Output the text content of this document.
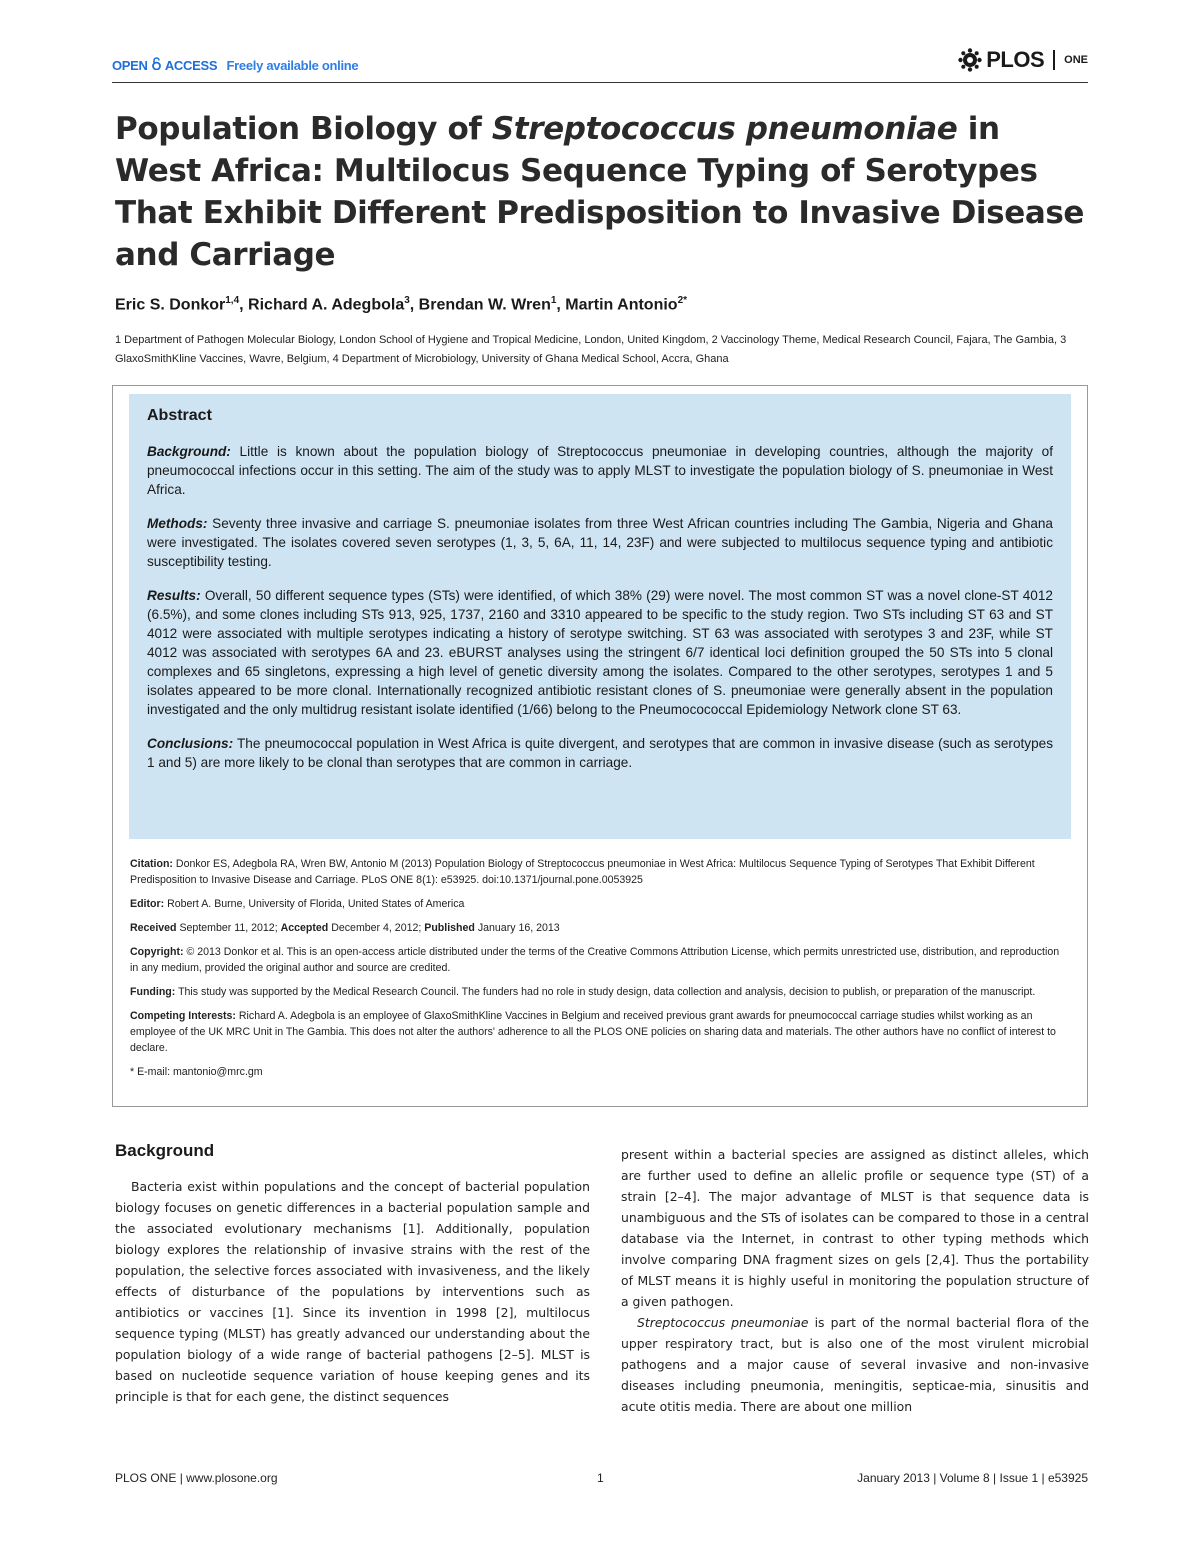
OPEN ACCESS Freely available online	PLOS ONE
Population Biology of Streptococcus pneumoniae in West Africa: Multilocus Sequence Typing of Serotypes That Exhibit Different Predisposition to Invasive Disease and Carriage
Eric S. Donkor$^{1,4}$, Richard A. Adegbola$^3$, Brendan W. Wren$^1$, Martin Antonio$^{2*}$
1 Department of Pathogen Molecular Biology, London School of Hygiene and Tropical Medicine, London, United Kingdom, 2 Vaccinology Theme, Medical Research Council, Fajara, The Gambia, 3 GlaxoSmithKline Vaccines, Wavre, Belgium, 4 Department of Microbiology, University of Ghana Medical School, Accra, Ghana
Abstract

Background: Little is known about the population biology of Streptococcus pneumoniae in developing countries, although the majority of pneumococcal infections occur in this setting. The aim of the study was to apply MLST to investigate the population biology of S. pneumoniae in West Africa.

Methods: Seventy three invasive and carriage S. pneumoniae isolates from three West African countries including The Gambia, Nigeria and Ghana were investigated. The isolates covered seven serotypes (1, 3, 5, 6A, 11, 14, 23F) and were subjected to multilocus sequence typing and antibiotic susceptibility testing.

Results: Overall, 50 different sequence types (STs) were identified, of which 38% (29) were novel. The most common ST was a novel clone-ST 4012 (6.5%), and some clones including STs 913, 925, 1737, 2160 and 3310 appeared to be specific to the study region. Two STs including ST 63 and ST 4012 were associated with multiple serotypes indicating a history of serotype switching. ST 63 was associated with serotypes 3 and 23F, while ST 4012 was associated with serotypes 6A and 23. eBURST analyses using the stringent 6/7 identical loci definition grouped the 50 STs into 5 clonal complexes and 65 singletons, expressing a high level of genetic diversity among the isolates. Compared to the other serotypes, serotypes 1 and 5 isolates appeared to be more clonal. Internationally recognized antibiotic resistant clones of S. pneumoniae were generally absent in the population investigated and the only multidrug resistant isolate identified (1/66) belong to the Pneumocococcal Epidemiology Network clone ST 63.

Conclusions: The pneumococcal population in West Africa is quite divergent, and serotypes that are common in invasive disease (such as serotypes 1 and 5) are more likely to be clonal than serotypes that are common in carriage.

Citation: Donkor ES, Adegbola RA, Wren BW, Antonio M (2013) Population Biology of Streptococcus pneumoniae in West Africa: Multilocus Sequence Typing of Serotypes That Exhibit Different Predisposition to Invasive Disease and Carriage. PLoS ONE 8(1): e53925. doi:10.1371/journal.pone.0053925

Editor: Robert A. Burne, University of Florida, United States of America

Received September 11, 2012; Accepted December 4, 2012; Published January 16, 2013

Copyright: © 2013 Donkor et al. This is an open-access article distributed under the terms of the Creative Commons Attribution License, which permits unrestricted use, distribution, and reproduction in any medium, provided the original author and source are credited.

Funding: This study was supported by the Medical Research Council. The funders had no role in study design, data collection and analysis, decision to publish, or preparation of the manuscript.

Competing Interests: Richard A. Adegbola is an employee of GlaxoSmithKline Vaccines in Belgium and received previous grant awards for pneumococcal carriage studies whilst working as an employee of the UK MRC Unit in The Gambia. This does not alter the authors' adherence to all the PLOS ONE policies on sharing data and materials. The other authors have no conflict of interest to declare.

* E-mail: mantonio@mrc.gm

Background

Bacteria exist within populations and the concept of bacterial population biology focuses on genetic differences in a bacterial population sample and the associated evolutionary mechanisms [1]. Additionally, population biology explores the relationship of invasive strains with the rest of the population, the selective forces associated with invasiveness, and the likely effects of disturbance of the populations by interventions such as antibiotics or vaccines [1]. Since its invention in 1998 [2], multilocus sequence typing (MLST) has greatly advanced our understanding about the population biology of a wide range of bacterial pathogens [2–5]. MLST is based on nucleotide sequence variation of house keeping genes and its principle is that for each gene, the distinct sequences

present within a bacterial species are assigned as distinct alleles, which are further used to define an allelic profile or sequence type (ST) of a strain [2–4]. The major advantage of MLST is that sequence data is unambiguous and the STs of isolates can be compared to those in a central database via the Internet, in contrast to other typing methods which involve comparing DNA fragment sizes on gels [2,4]. Thus the portability of MLST means it is highly useful in monitoring the population structure of a given pathogen.

Streptococcus pneumoniae is part of the normal bacterial flora of the upper respiratory tract, but is also one of the most virulent microbial pathogens and a major cause of several invasive and non-invasive diseases including pneumonia, meningitis, septicae-mia, sinusitis and acute otitis media. There are about one million

PLOS ONE | www.plosone.org	1	January 2013 | Volume 8 | Issue 1 | e53925
